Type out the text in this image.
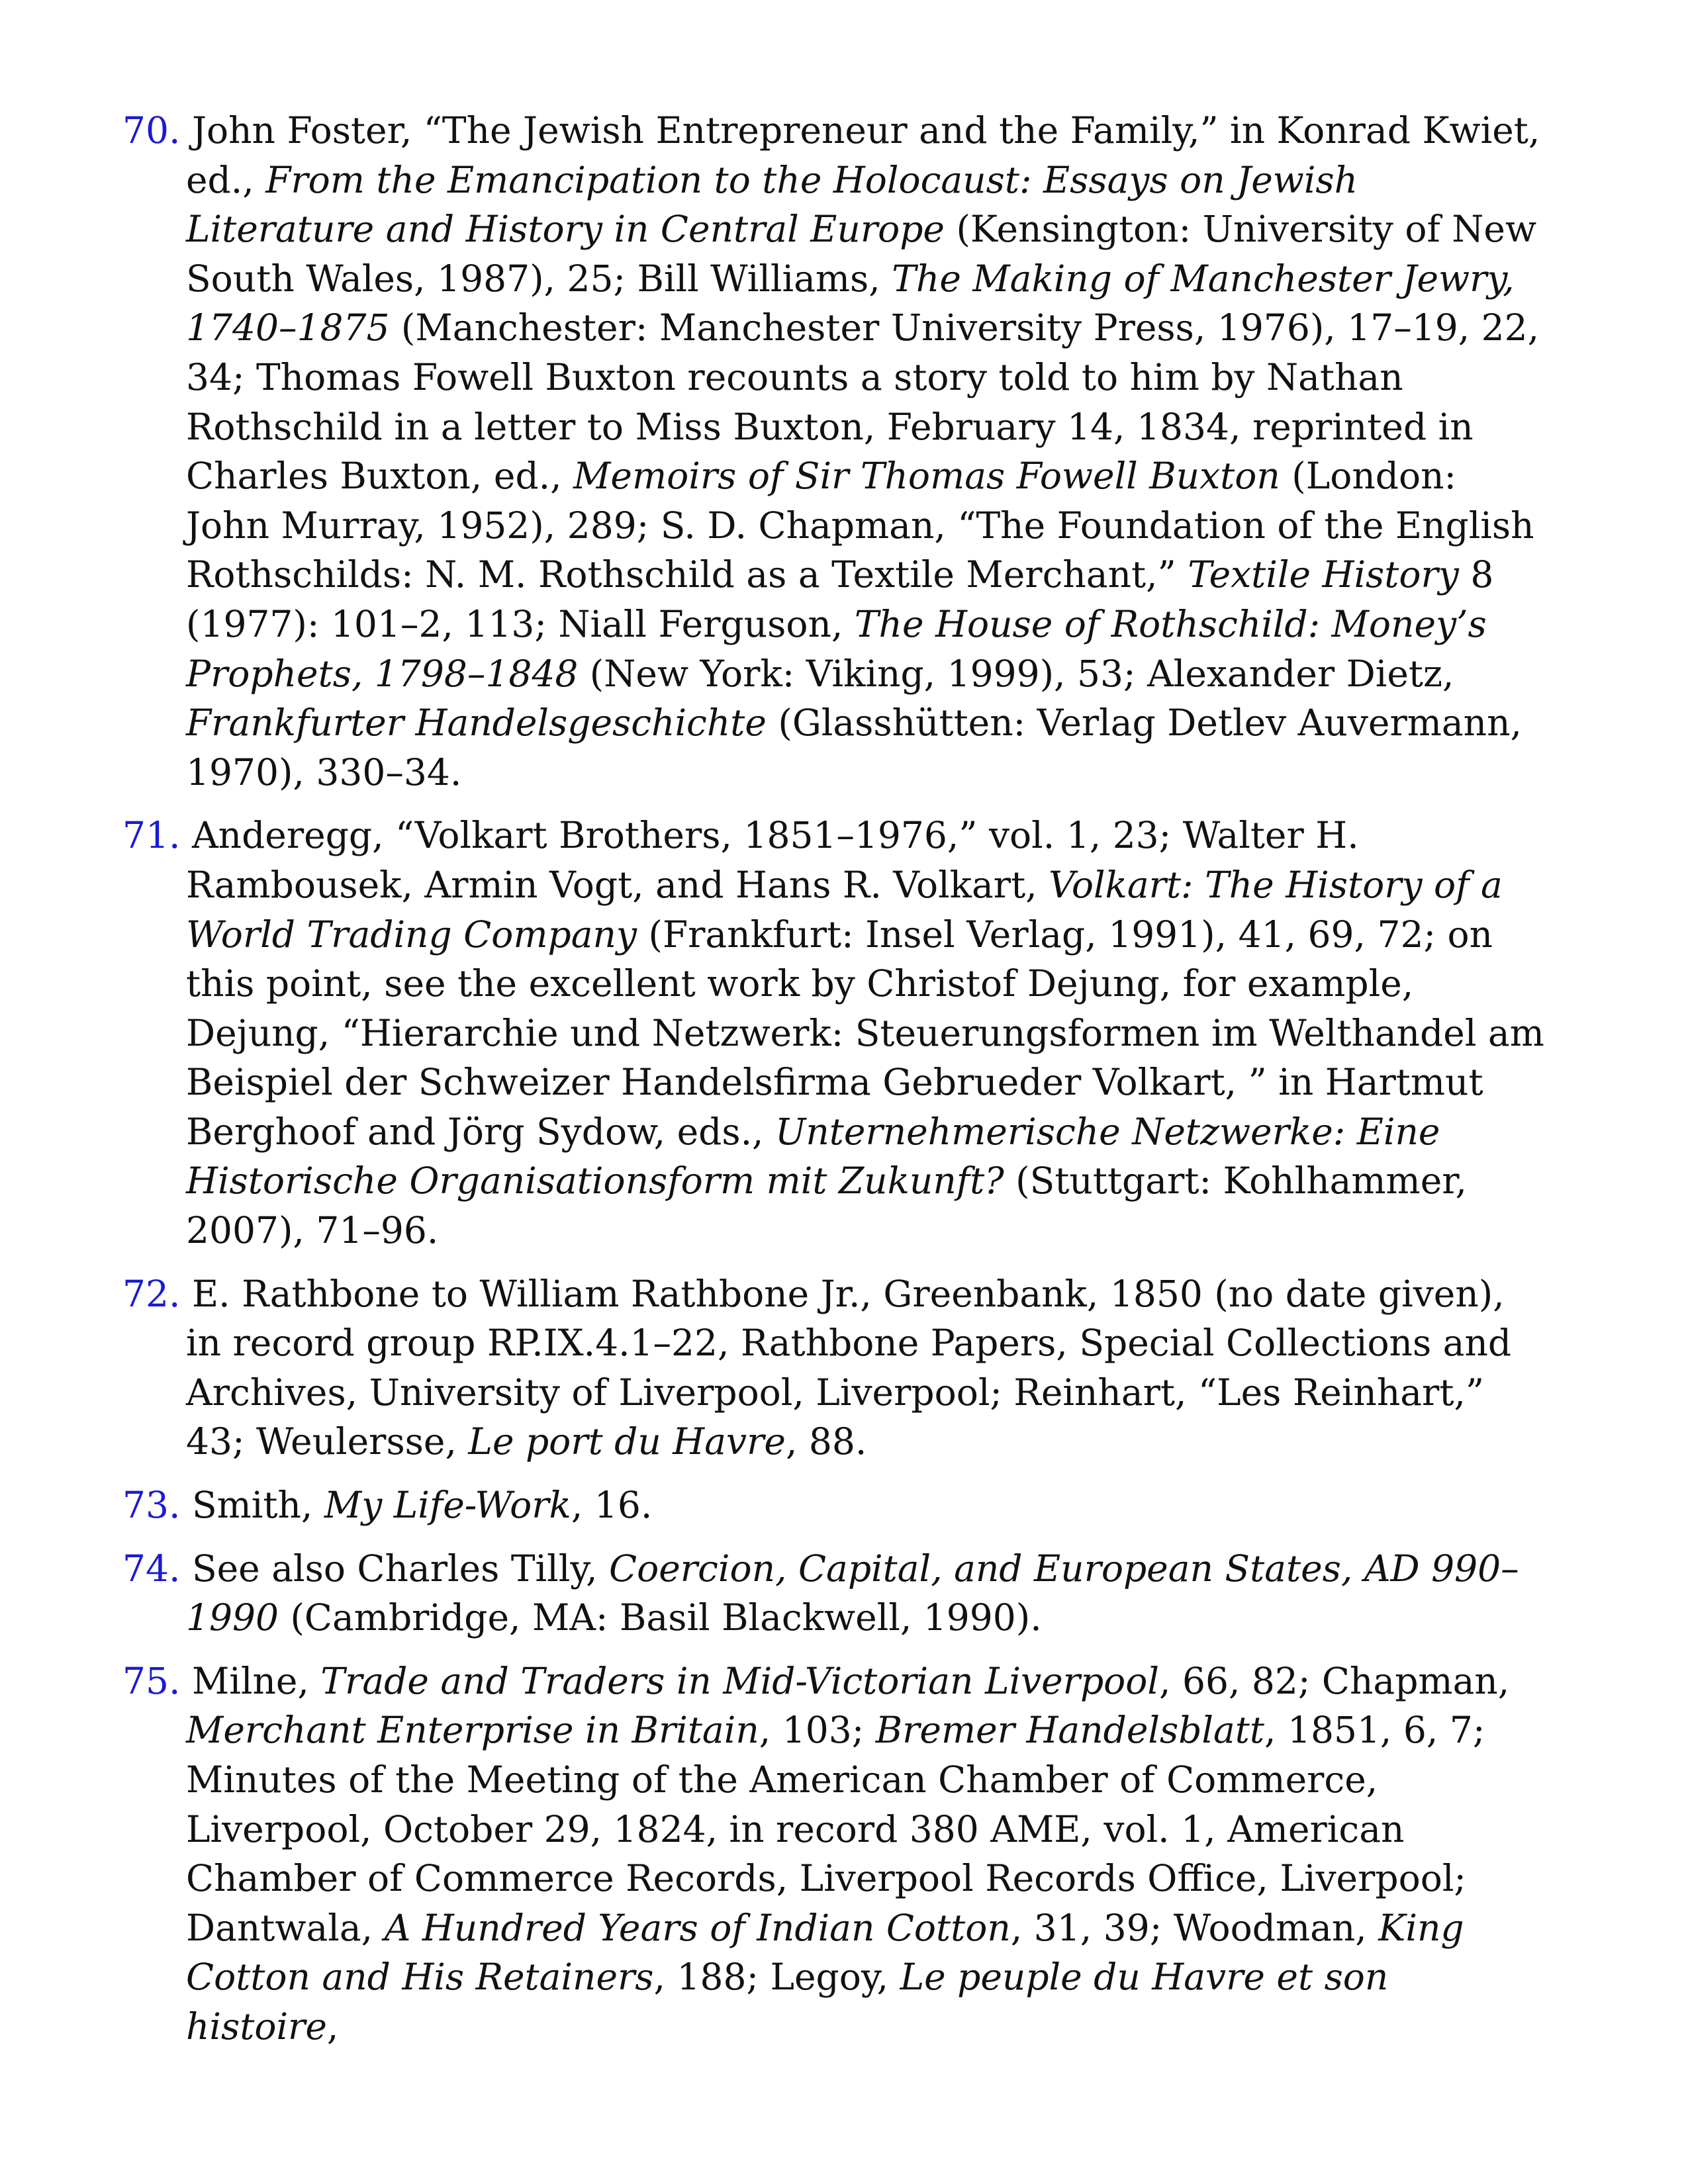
70. John Foster, “The Jewish Entrepreneur and the Family,” in Konrad Kwiet, ed., From the Emancipation to the Holocaust: Essays on Jewish Literature and History in Central Europe (Kensington: University of New South Wales, 1987), 25; Bill Williams, The Making of Manchester Jewry, 1740–1875 (Manchester: Manchester University Press, 1976), 17–19, 22, 34; Thomas Fowell Buxton recounts a story told to him by Nathan Rothschild in a letter to Miss Buxton, February 14, 1834, reprinted in Charles Buxton, ed., Memoirs of Sir Thomas Fowell Buxton (London: John Murray, 1952), 289; S. D. Chapman, “The Foundation of the English Rothschilds: N. M. Rothschild as a Textile Merchant,” Textile History 8 (1977): 101–2, 113; Niall Ferguson, The House of Rothschild: Money’s Prophets, 1798–1848 (New York: Viking, 1999), 53; Alexander Dietz, Frankfurter Handelsgeschichte (Glasshütten: Verlag Detlev Auvermann, 1970), 330–34.

71. Anderegg, “Volkart Brothers, 1851–1976,” vol. 1, 23; Walter H. Rambousek, Armin Vogt, and Hans R. Volkart, Volkart: The History of a World Trading Company (Frankfurt: Insel Verlag, 1991), 41, 69, 72; on this point, see the excellent work by Christof Dejung, for example, Dejung, “Hierarchie und Netzwerk: Steuerungsformen im Welthandel am Beispiel der Schweizer Handelsfirma Gebrueder Volkart, ” in Hartmut Berghoof and Jörg Sydow, eds., Unternehmerische Netzwerke: Eine Historische Organisationsform mit Zukunft? (Stuttgart: Kohlhammer, 2007), 71–96.

72. E. Rathbone to William Rathbone Jr., Greenbank, 1850 (no date given), in record group RP.IX.4.1–22, Rathbone Papers, Special Collections and Archives, University of Liverpool, Liverpool; Reinhart, “Les Reinhart,” 43; Weulersse, Le port du Havre, 88.

73. Smith, My Life-Work, 16.

74. See also Charles Tilly, Coercion, Capital, and European States, AD 990–1990 (Cambridge, MA: Basil Blackwell, 1990).

75. Milne, Trade and Traders in Mid-Victorian Liverpool, 66, 82; Chapman, Merchant Enterprise in Britain, 103; Bremer Handelsblatt, 1851, 6, 7; Minutes of the Meeting of the American Chamber of Commerce, Liverpool, October 29, 1824, in record 380 AME, vol. 1, American Chamber of Commerce Records, Liverpool Records Office, Liverpool; Dantwala, A Hundred Years of Indian Cotton, 31, 39; Woodman, King Cotton and His Retainers, 188; Legoy, Le peuple du Havre et son histoire,
